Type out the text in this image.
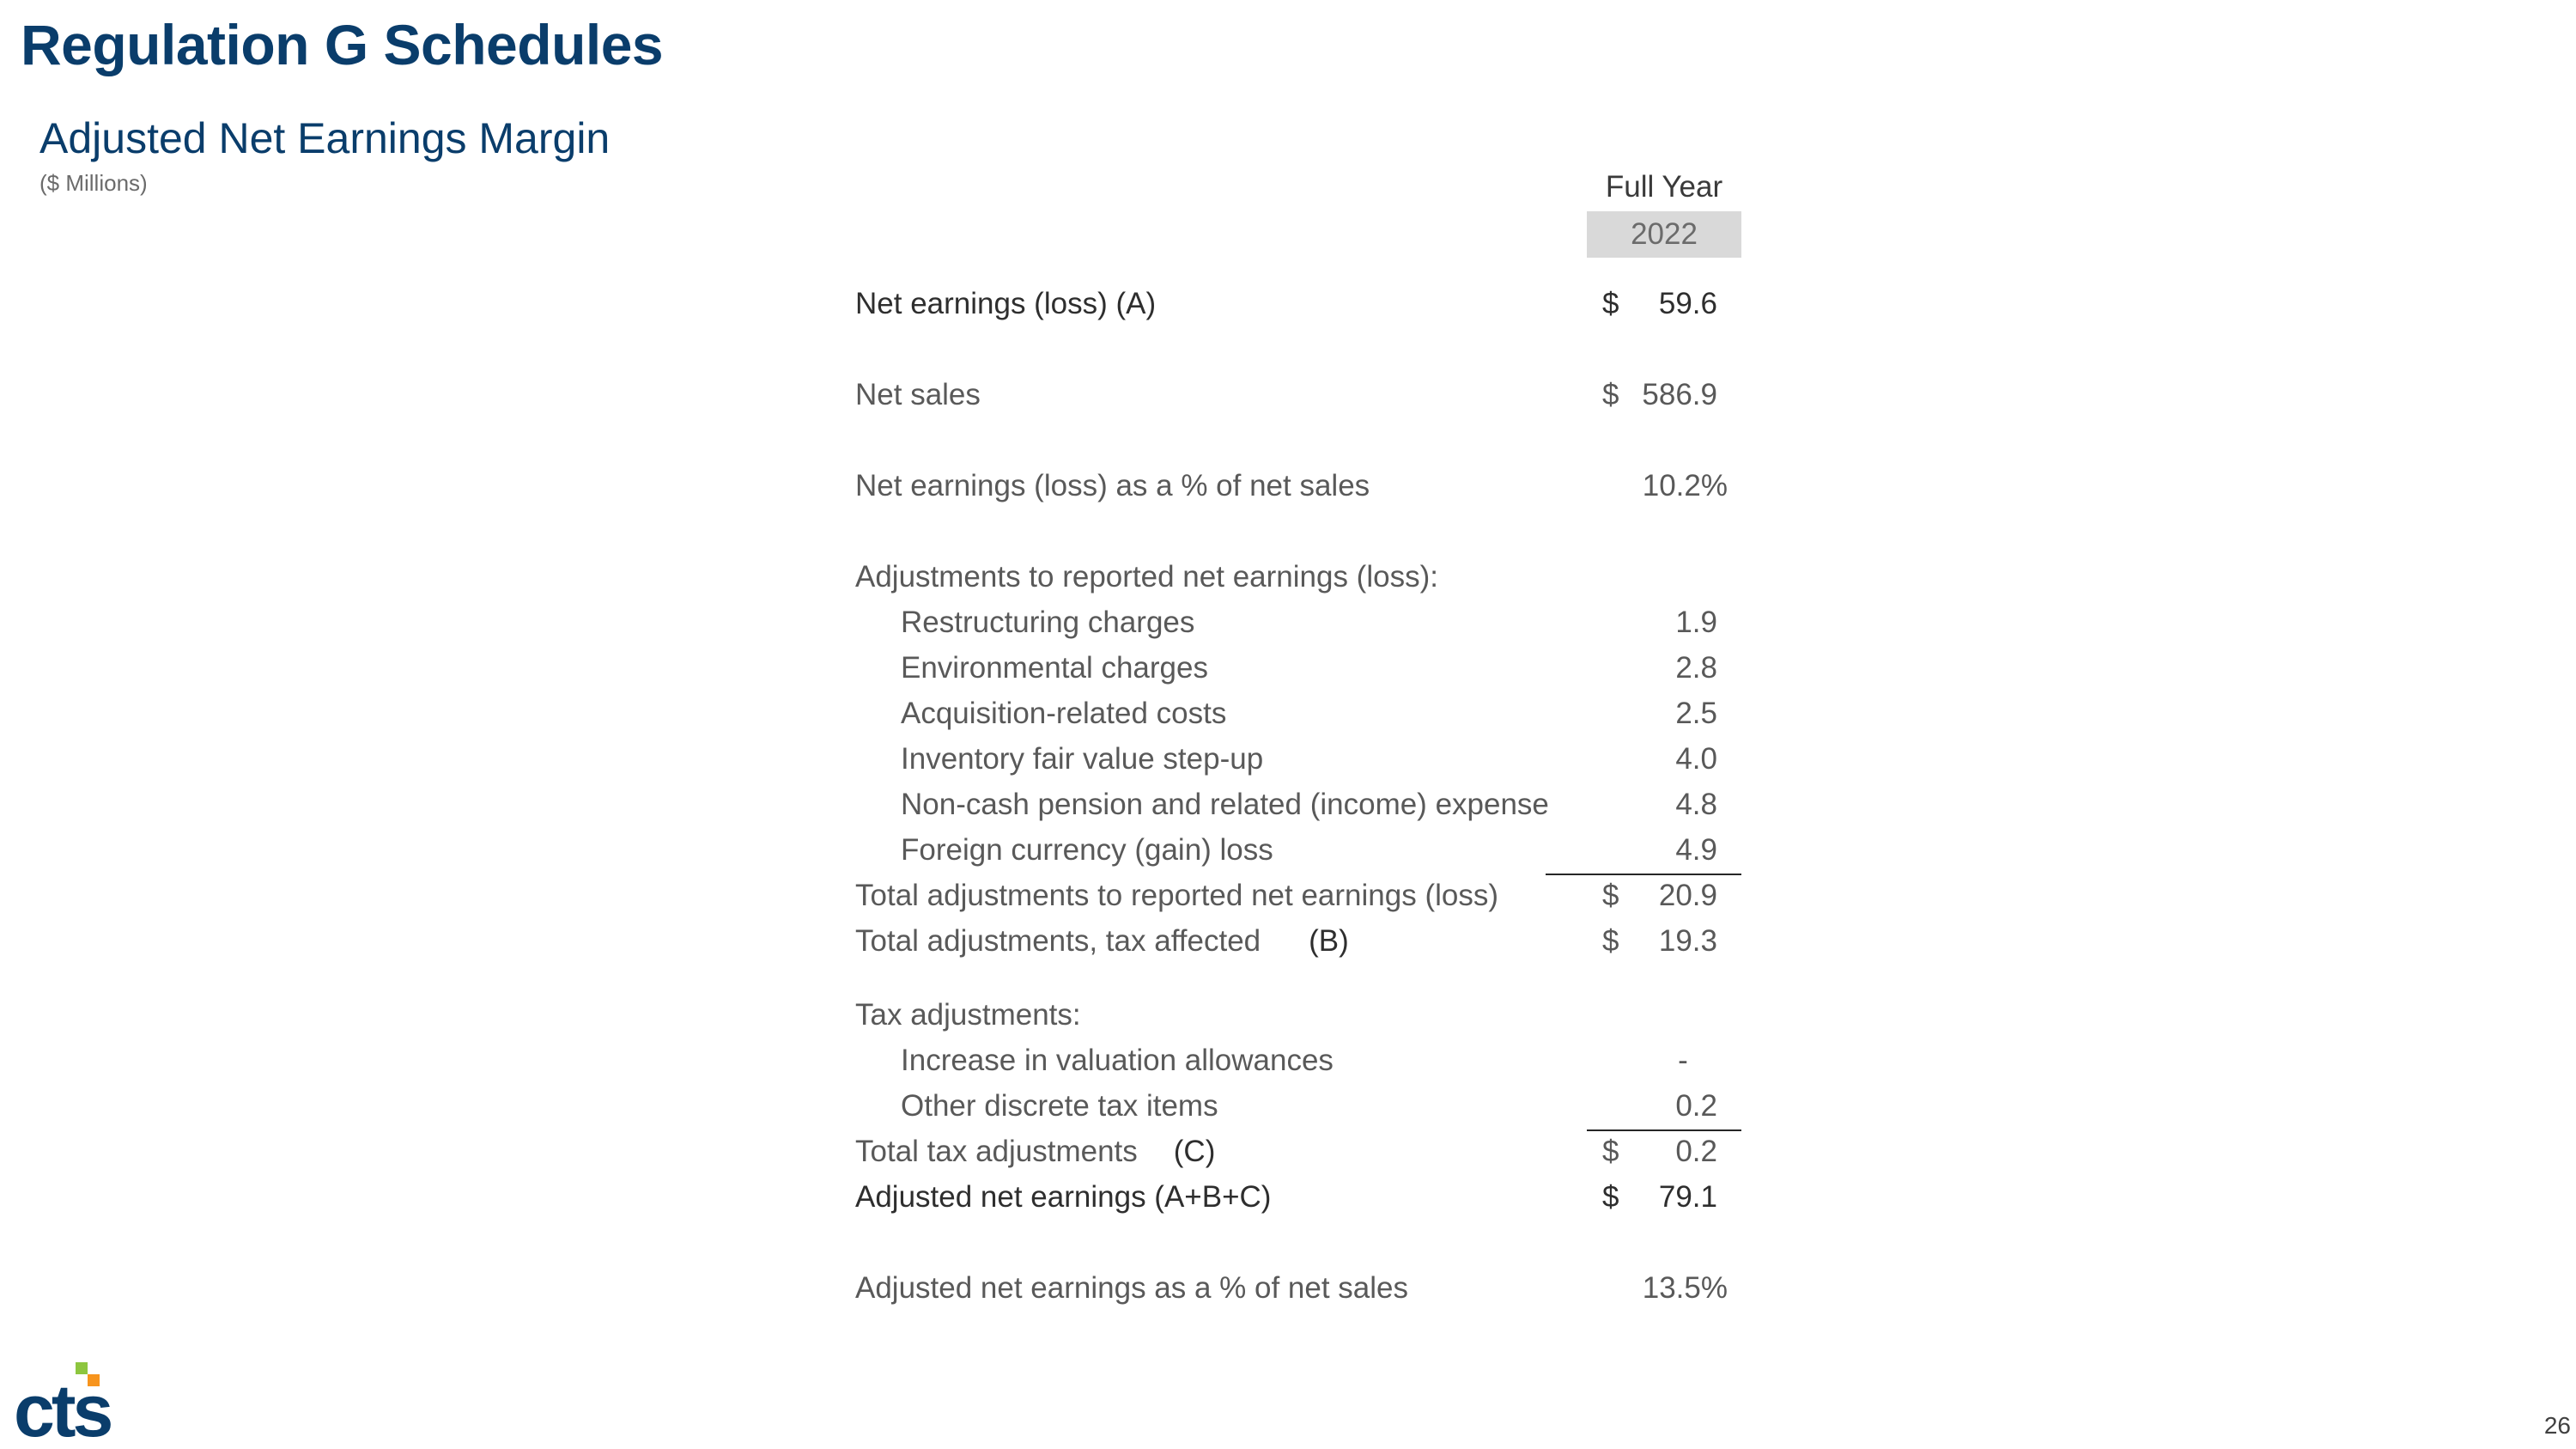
Regulation G Schedules
Adjusted Net Earnings Margin
($ Millions)	Full Year
2022
Net earnings (loss) (A)	$	59.6
Net sales	$ 586.9
Net earnings (loss) as a % of net sales	10.2%
Adjustments to reported net earnings (loss):
Restructuring charges	1.9
Environmental charges	2.8
Acquisition-related costs	2.5
Inventory fair value step-up	4.0
Non-cash pension and related (income) expense	4.8
Foreign currency (gain) loss	4.9
Total adjustments to reported net earnings (loss)	$	20.9
Total adjustments, tax affected (B)	$	19.3
Tax adjustments:
Increase in valuation allowances	-
Other discrete tax items	0.2
Total tax adjustments (C)	$	0.2
Adjusted net earnings (A+B+C)	$	79.1
Adjusted net earnings as a % of net sales	13.5%
cts	26
